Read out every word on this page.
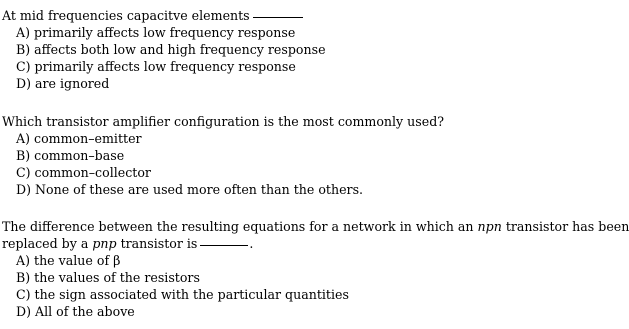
At mid frequencies capacitve elements
A) primarily affects low frequency response
B) affects both low and high frequency response
C) primarily affects low frequency response
D) are ignored
Which transistor amplifier configuration is the most commonly used?
A) common–emitter
B) common–base
C) common–collector
D) None of these are used more often than the others.
The difference between the resulting equations for a network in which an npn transistor has been
replaced by a pnp transistor is	.
A) the value of β
B) the values of the resistors
C) the sign associated with the particular quantities
D) All of the above
